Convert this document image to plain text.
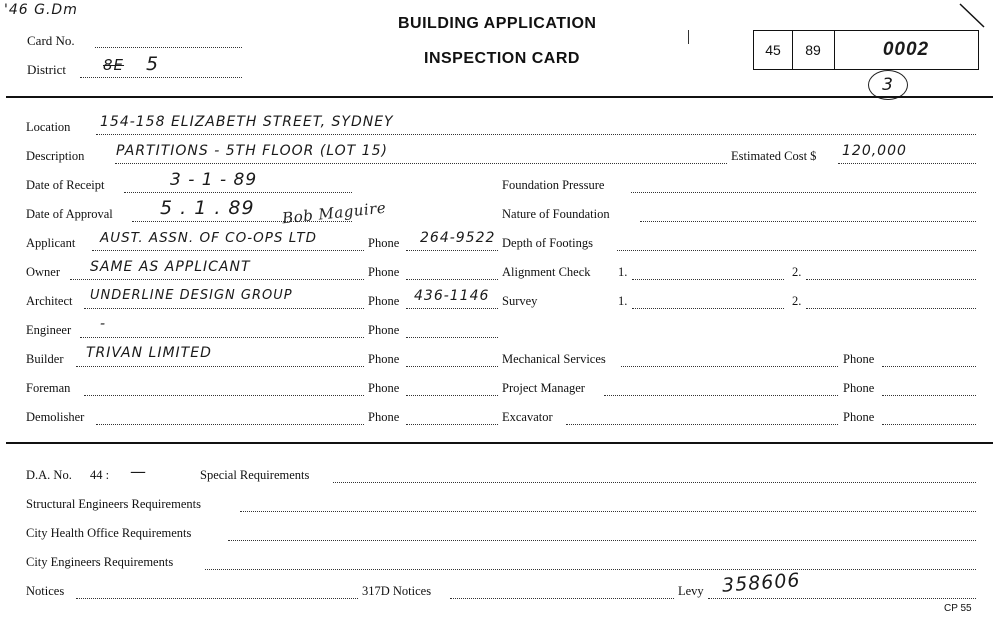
'46 G.Dm
Card No.
District 8E 5
BUILDING APPLICATION
INSPECTION CARD	45	89	0002
3
Location 154-158 ELIZABETH STREET, SYDNEY
Description PARTITIONS - 5TH FLOOR (LOT 15)	Estimated Cost $ 120,000
Date of Receipt	3 - 1 - 89	Foundation Pressure
Date of Approval 5 . 1 . 89 Bob Maguire	Nature of Foundation
Applicant AUST. ASSN. OF CO-OPS LTD	Phone 264-9522 Depth of Footings
Owner SAME AS APPLICANT	Phone	Alignment Check 1.	2.
Architect UNDERLINE DESIGN GROUP	Phone 436-1146 Survey	1.	2.
Engineer -	Phone
Builder TRIVAN LIMITED	Phone	Mechanical Services	Phone
Foreman	Phone	Project Manager	Phone
Demolisher	Phone	Excavator	Phone
D.A. No. 44 : —	Special Requirements
Structural Engineers Requirements
City Health Office Requirements
City Engineers Requirements
Notices	317D Notices	Levy 358606
CP 55
